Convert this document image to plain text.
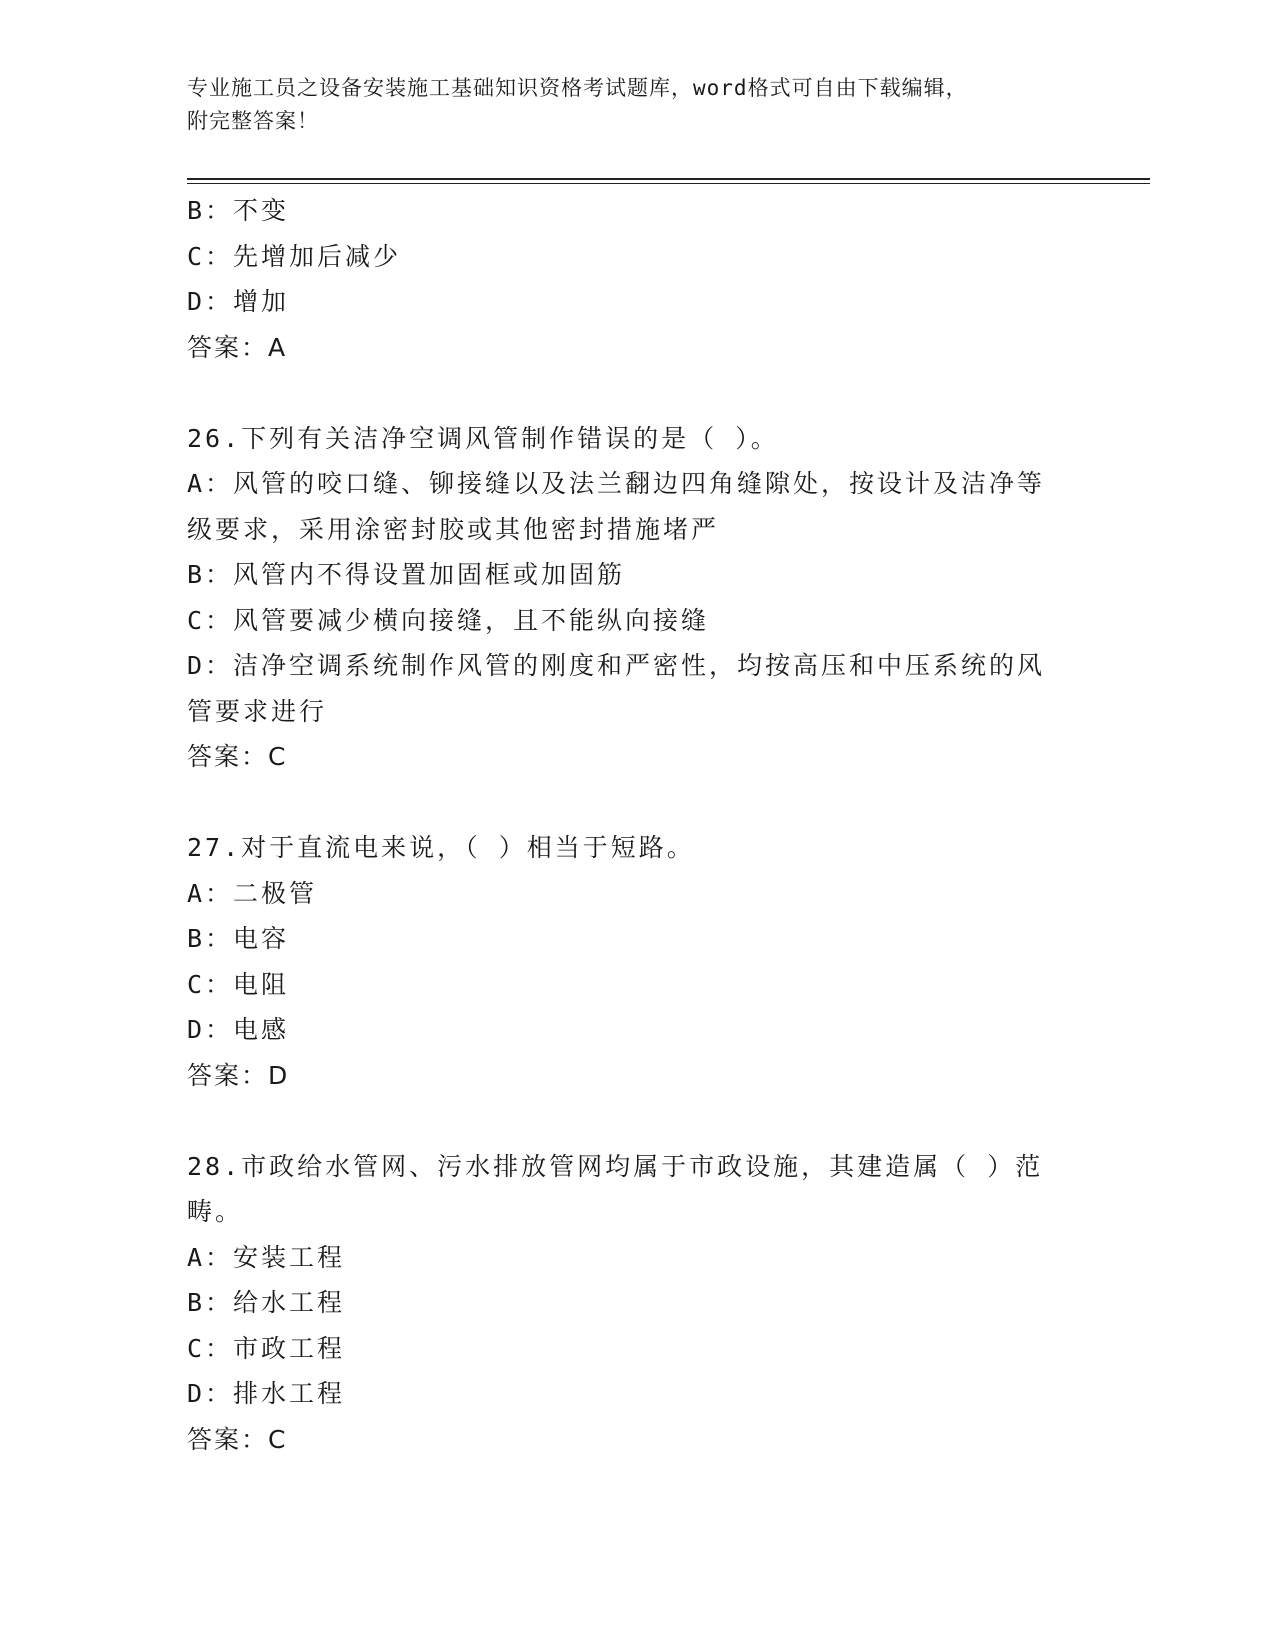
专业施工员之设备安装施工基础知识资格考试题库，word格式可自由下载编辑，
附完整答案！
B：不变
C：先增加后减少
D：增加
答案：A
26.下列有关洁净空调风管制作错误的是（ ）。
A：风管的咬口缝、铆接缝以及法兰翻边四角缝隙处，按设计及洁净等
级要求，采用涂密封胶或其他密封措施堵严
B：风管内不得设置加固框或加固筋
C：风管要减少横向接缝，且不能纵向接缝
D：洁净空调系统制作风管的刚度和严密性，均按高压和中压系统的风
管要求进行
答案：C
27.对于直流电来说，（ ）相当于短路。
A：二极管
B：电容
C：电阻
D：电感
答案：D
28.市政给水管网、污水排放管网均属于市政设施，其建造属（ ）范
畴。
A：安装工程
B：给水工程
C：市政工程
D：排水工程
答案：C
